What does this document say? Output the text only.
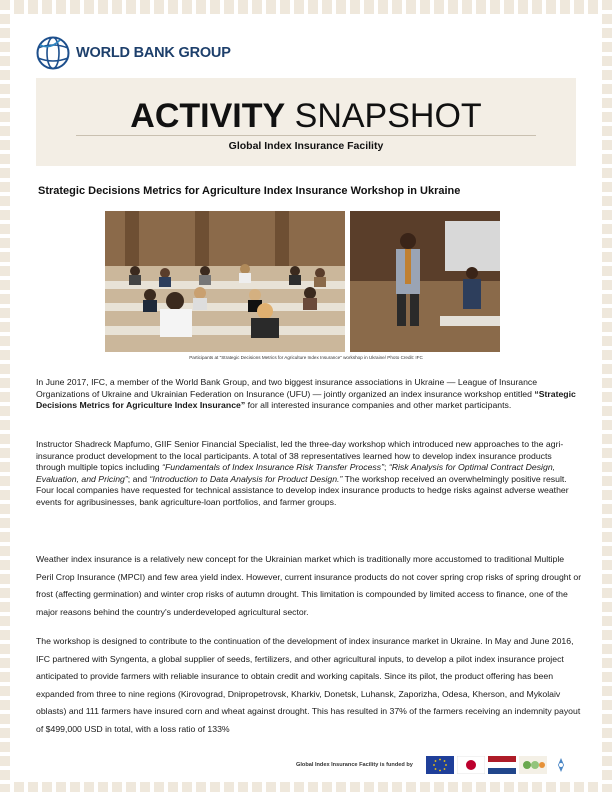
WORLD BANK GROUP
ACTIVITY SNAPSHOT
Global Index Insurance Facility
Strategic Decisions Metrics for Agriculture Index Insurance Workshop in Ukraine
Participants at "Strategic Decisions Metrics for Agriculture Index Insurance" workshop in Ukraine/ Photo Credit: IFC
In June 2017, IFC, a member of the World Bank Group, and two biggest insurance associations in Ukraine — League of Insurance Organizations of Ukraine and Ukrainian Federation on Insurance (UFU) — jointly organized an index insurance workshop entitled “Strategic Decisions Metrics for Agriculture Index Insurance” for all interested insurance companies and other market participants.
Instructor Shadreck Mapfumo, GIIF Senior Financial Specialist, led the three-day workshop which introduced new approaches to the agri-insurance product development to the local participants. A total of 38 representatives learned how to develop index insurance products through multiple topics including “Fundamentals of Index Insurance Risk Transfer Process”; “Risk Analysis for Optimal Contract Design, Evaluation, and Pricing”; and “Introduction to Data Analysis for Product Design.” The workshop received an overwhelmingly positive result. Four local companies have requested for technical assistance to develop index insurance products to hedge risks against adverse weather events for agribusinesses, bank agriculture-loan portfolios, and farmer groups.
Weather index insurance is a relatively new concept for the Ukrainian market which is traditionally more accustomed to traditional Multiple Peril Crop Insurance (MPCI) and few area yield index. However, current insurance products do not cover spring crop risks of spring drought or frost (affecting germination) and winter crop risks of autumn drought. This limitation is compounded by limited access to finance, one of the major reasons behind the country's underdeveloped agricultural sector.
The workshop is designed to contribute to the continuation of the development of index insurance market in Ukraine. In May and June 2016, IFC partnered with Syngenta, a global supplier of seeds, fertilizers, and other agricultural inputs, to develop a pilot index insurance project anticipated to provide farmers with reliable insurance to obtain credit and working capitals. Since its pilot, the product offering has been expanded from three to nine regions (Kirovograd, Dnipropetrovsk, Kharkiv, Donetsk, Luhansk, Zaporizha, Odesa, Kherson, and Mykolaiv oblasts) and 111 farmers have insured corn and wheat against drought. This has resulted in 37% of the farmers receiving an indemnity payout of $499,000 USD in total, with a loss ratio of 133%
Global Index Insurance Facility is funded by
